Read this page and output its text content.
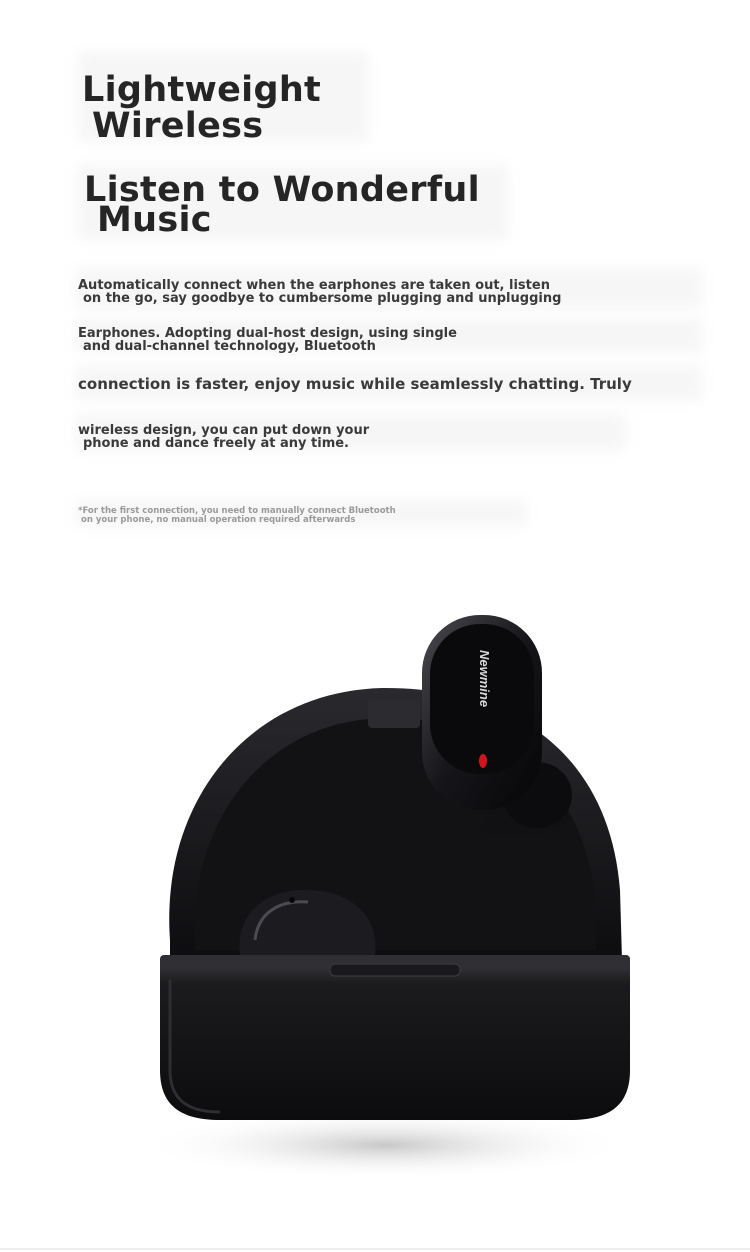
Lightweight
Wireless
Listen to Wonderful
Music
Automatically connect when the earphones are taken out, listen
on the go, say goodbye to cumbersome plugging and unplugging
Earphones. Adopting dual-host design, using single
and dual-channel technology, Bluetooth
connection is faster, enjoy music while seamlessly chatting. Truly
wireless design, you can put down your
phone and dance freely at any time.
*For the first connection, you need to manually connect Bluetooth
on your phone, no manual operation required afterwards
Newmine
